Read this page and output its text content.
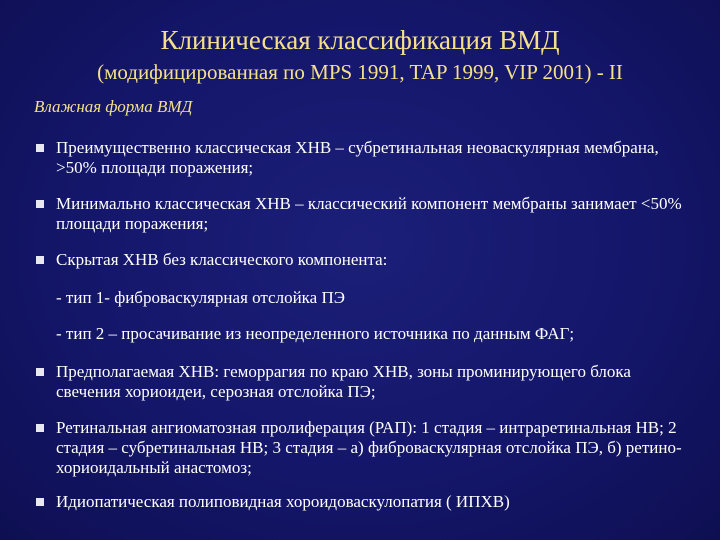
Клиническая классификация ВМД
(модифицированная по MPS 1991, TAP 1999, VIP 2001) - II
Влажная форма ВМД
Преимущественно классическая ХНВ – субретинальная неоваскулярная мембрана, >50% площади поражения;
Минимально классическая ХНВ – классический компонент мембраны занимает <50% площади поражения;
Скрытая ХНВ без классического компонента:
- тип 1- фиброваскулярная отслойка ПЭ
- тип 2 – просачивание из неопределенного источника по данным ФАГ;
Предполагаемая ХНВ: геморрагия по краю ХНВ, зоны проминирующего блока свечения хориоидеи, серозная отслойка ПЭ;
Ретинальная ангиоматозная пролиферация (РАП): 1 стадия – интраретинальная НВ; 2 стадия – субретинальная НВ; 3 стадия – а) фиброваскулярная отслойка ПЭ, б) ретино-хориоидальный анастомоз;
Идиопатическая полиповидная хороидоваскулопатия ( ИПХВ)
